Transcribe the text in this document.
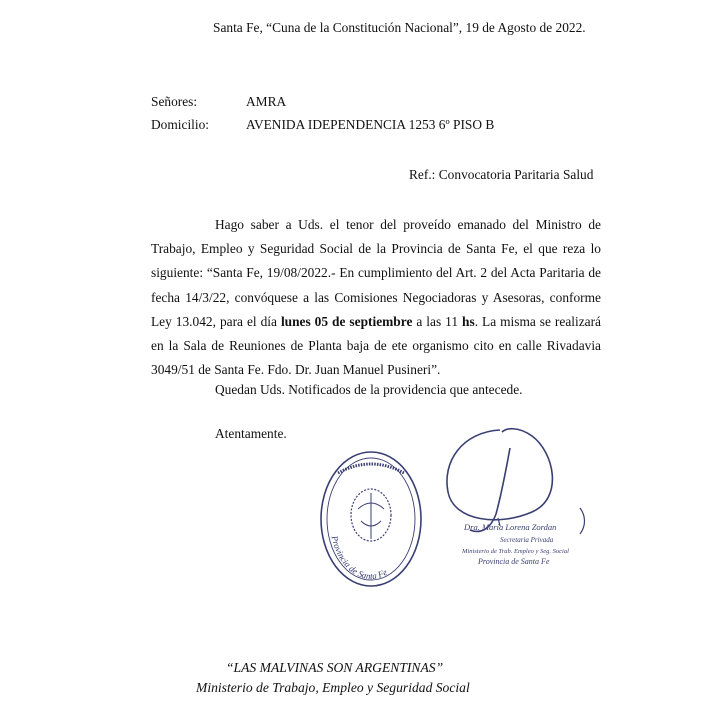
Santa Fe, “Cuna de la Constitución Nacional”, 19 de Agosto de 2022.
Señores:	AMRA
Domicilio:	AVENIDA IDEPENDENCIA 1253 6º PISO B
Ref.: Convocatoria Paritaria Salud
Hago saber a Uds. el tenor del proveído emanado del Ministro de Trabajo, Empleo y Seguridad Social de la Provincia de Santa Fe, el que reza lo siguiente: “Santa Fe, 19/08/2022.- En cumplimiento del Art. 2 del Acta Paritaria de fecha 14/3/22, convóquese a las Comisiones Negociadoras y Asesoras, conforme Ley 13.042, para el día lunes 05 de septiembre a las 11 hs. La misma se realizará en la Sala de Reuniones de Planta baja de ete organismo cito en calle Rivadavia 3049/51 de Santa Fe. Fdo. Dr. Juan Manuel Pusineri”.
Quedan Uds. Notificados de la providencia que antecede.
Atentamente.
Provincia de Santa Fe
Dra. María Lorena Zordan
Secretaria Privada
Ministerio de Trab. Empleo y Seg. Social
Provincia de Santa Fe
“LAS MALVINAS SON ARGENTINAS”
Ministerio de Trabajo, Empleo y Seguridad Social
